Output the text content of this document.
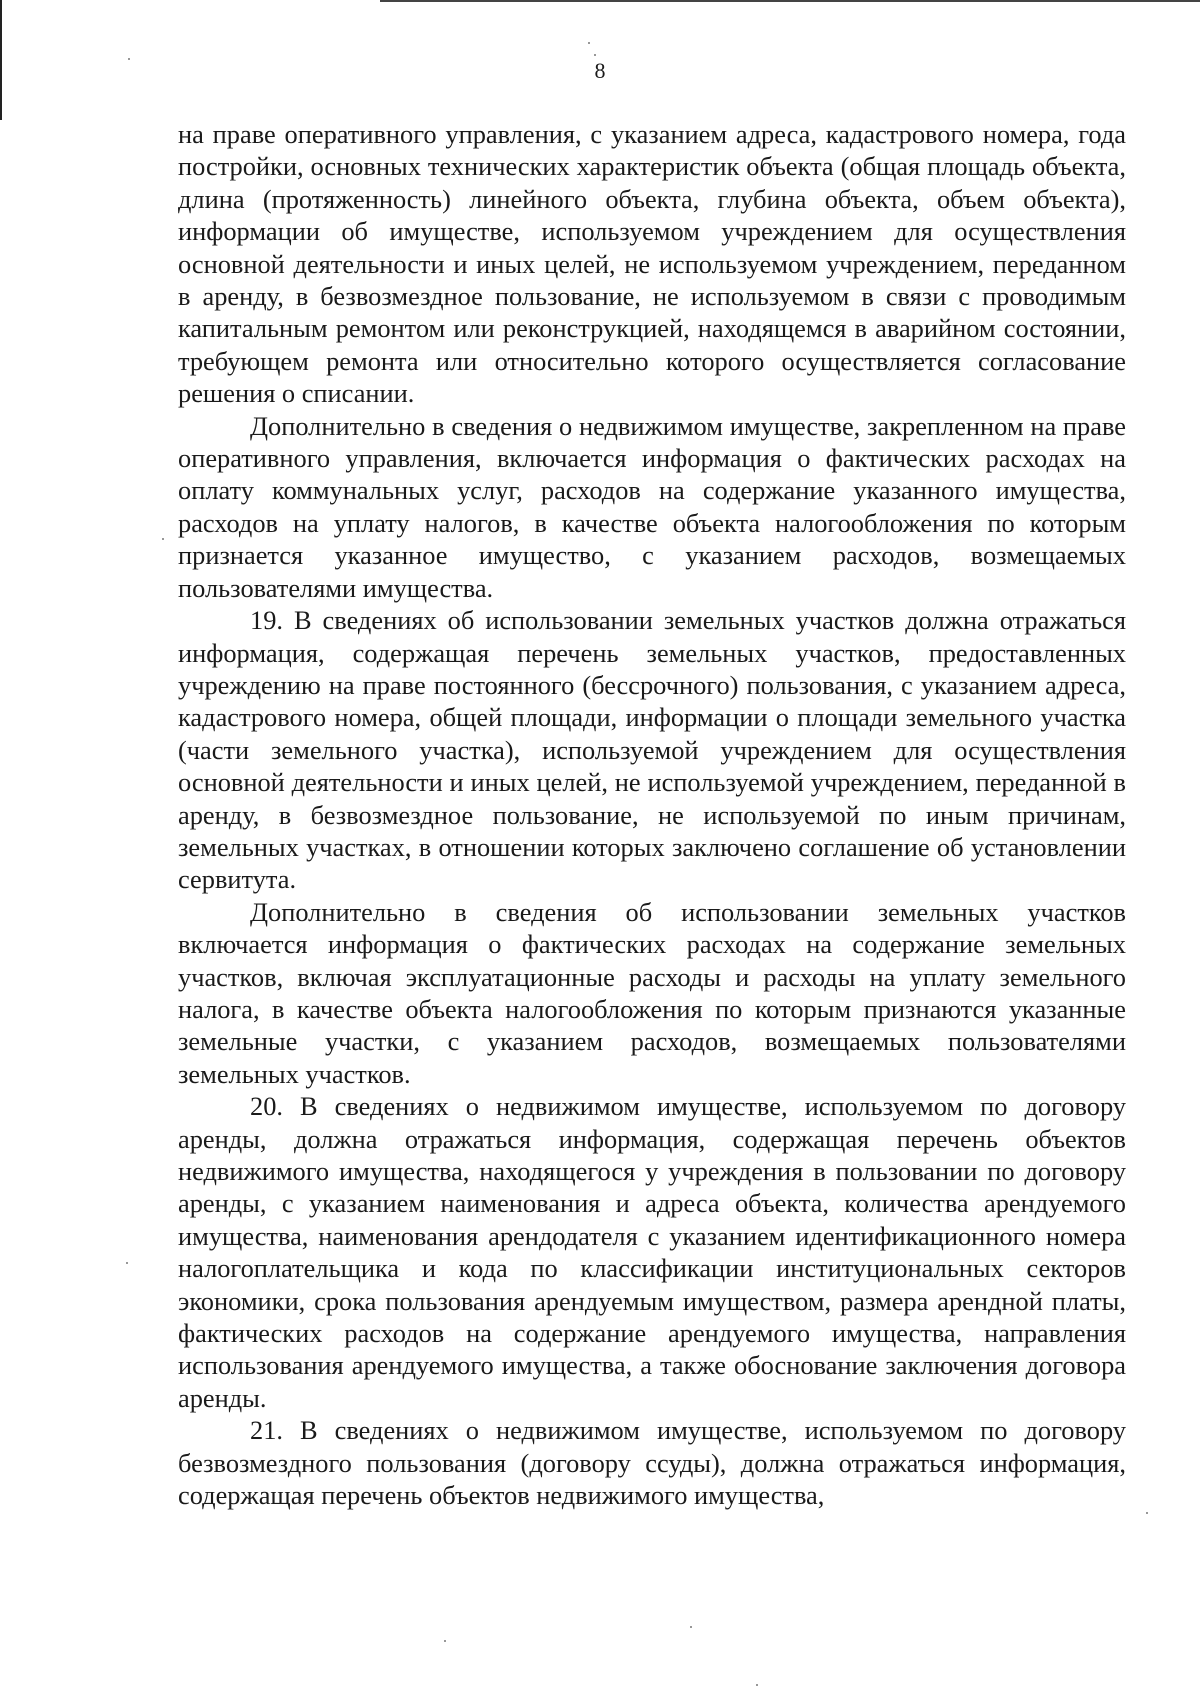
8

на праве оперативного управления, с указанием адреса, кадастрового номера, года постройки, основных технических характеристик объекта (общая площадь объекта, длина (протяженность) линейного объекта, глубина объекта, объем объекта), информации об имуществе, используемом учреждением для осуществления основной деятельности и иных целей, не используемом учреждением, переданном в аренду, в безвозмездное пользование, не используемом в связи с проводимым капитальным ремонтом или реконструкцией, находящемся в аварийном состоянии, требующем ремонта или относительно которого осуществляется согласование решения о списании.

Дополнительно в сведения о недвижимом имуществе, закрепленном на праве оперативного управления, включается информация о фактических расходах на оплату коммунальных услуг, расходов на содержание указанного имущества, расходов на уплату налогов, в качестве объекта налогообложения по которым признается указанное имущество, с указанием расходов, возмещаемых пользователями имущества.

19. В сведениях об использовании земельных участков должна отражаться информация, содержащая перечень земельных участков, предоставленных учреждению на праве постоянного (бессрочного) пользования, с указанием адреса, кадастрового номера, общей площади, информации о площади земельного участка (части земельного участка), используемой учреждением для осуществления основной деятельности и иных целей, не используемой учреждением, переданной в аренду, в безвозмездное пользование, не используемой по иным причинам, земельных участках, в отношении которых заключено соглашение об установлении сервитута.

Дополнительно в сведения об использовании земельных участков включается информация о фактических расходах на содержание земельных участков, включая эксплуатационные расходы и расходы на уплату земельного налога, в качестве объекта налогообложения по которым признаются указанные земельные участки, с указанием расходов, возмещаемых пользователями земельных участков.

20. В сведениях о недвижимом имуществе, используемом по договору аренды, должна отражаться информация, содержащая перечень объектов недвижимого имущества, находящегося у учреждения в пользовании по договору аренды, с указанием наименования и адреса объекта, количества арендуемого имущества, наименования арендодателя с указанием идентификационного номера налогоплательщика и кода по классификации институциональных секторов экономики, срока пользования арендуемым имуществом, размера арендной платы, фактических расходов на содержание арендуемого имущества, направления использования арендуемого имущества, а также обоснование заключения договора аренды.

21. В сведениях о недвижимом имуществе, используемом по договору безвозмездного пользования (договору ссуды), должна отражаться информация, содержащая перечень объектов недвижимого имущества,
